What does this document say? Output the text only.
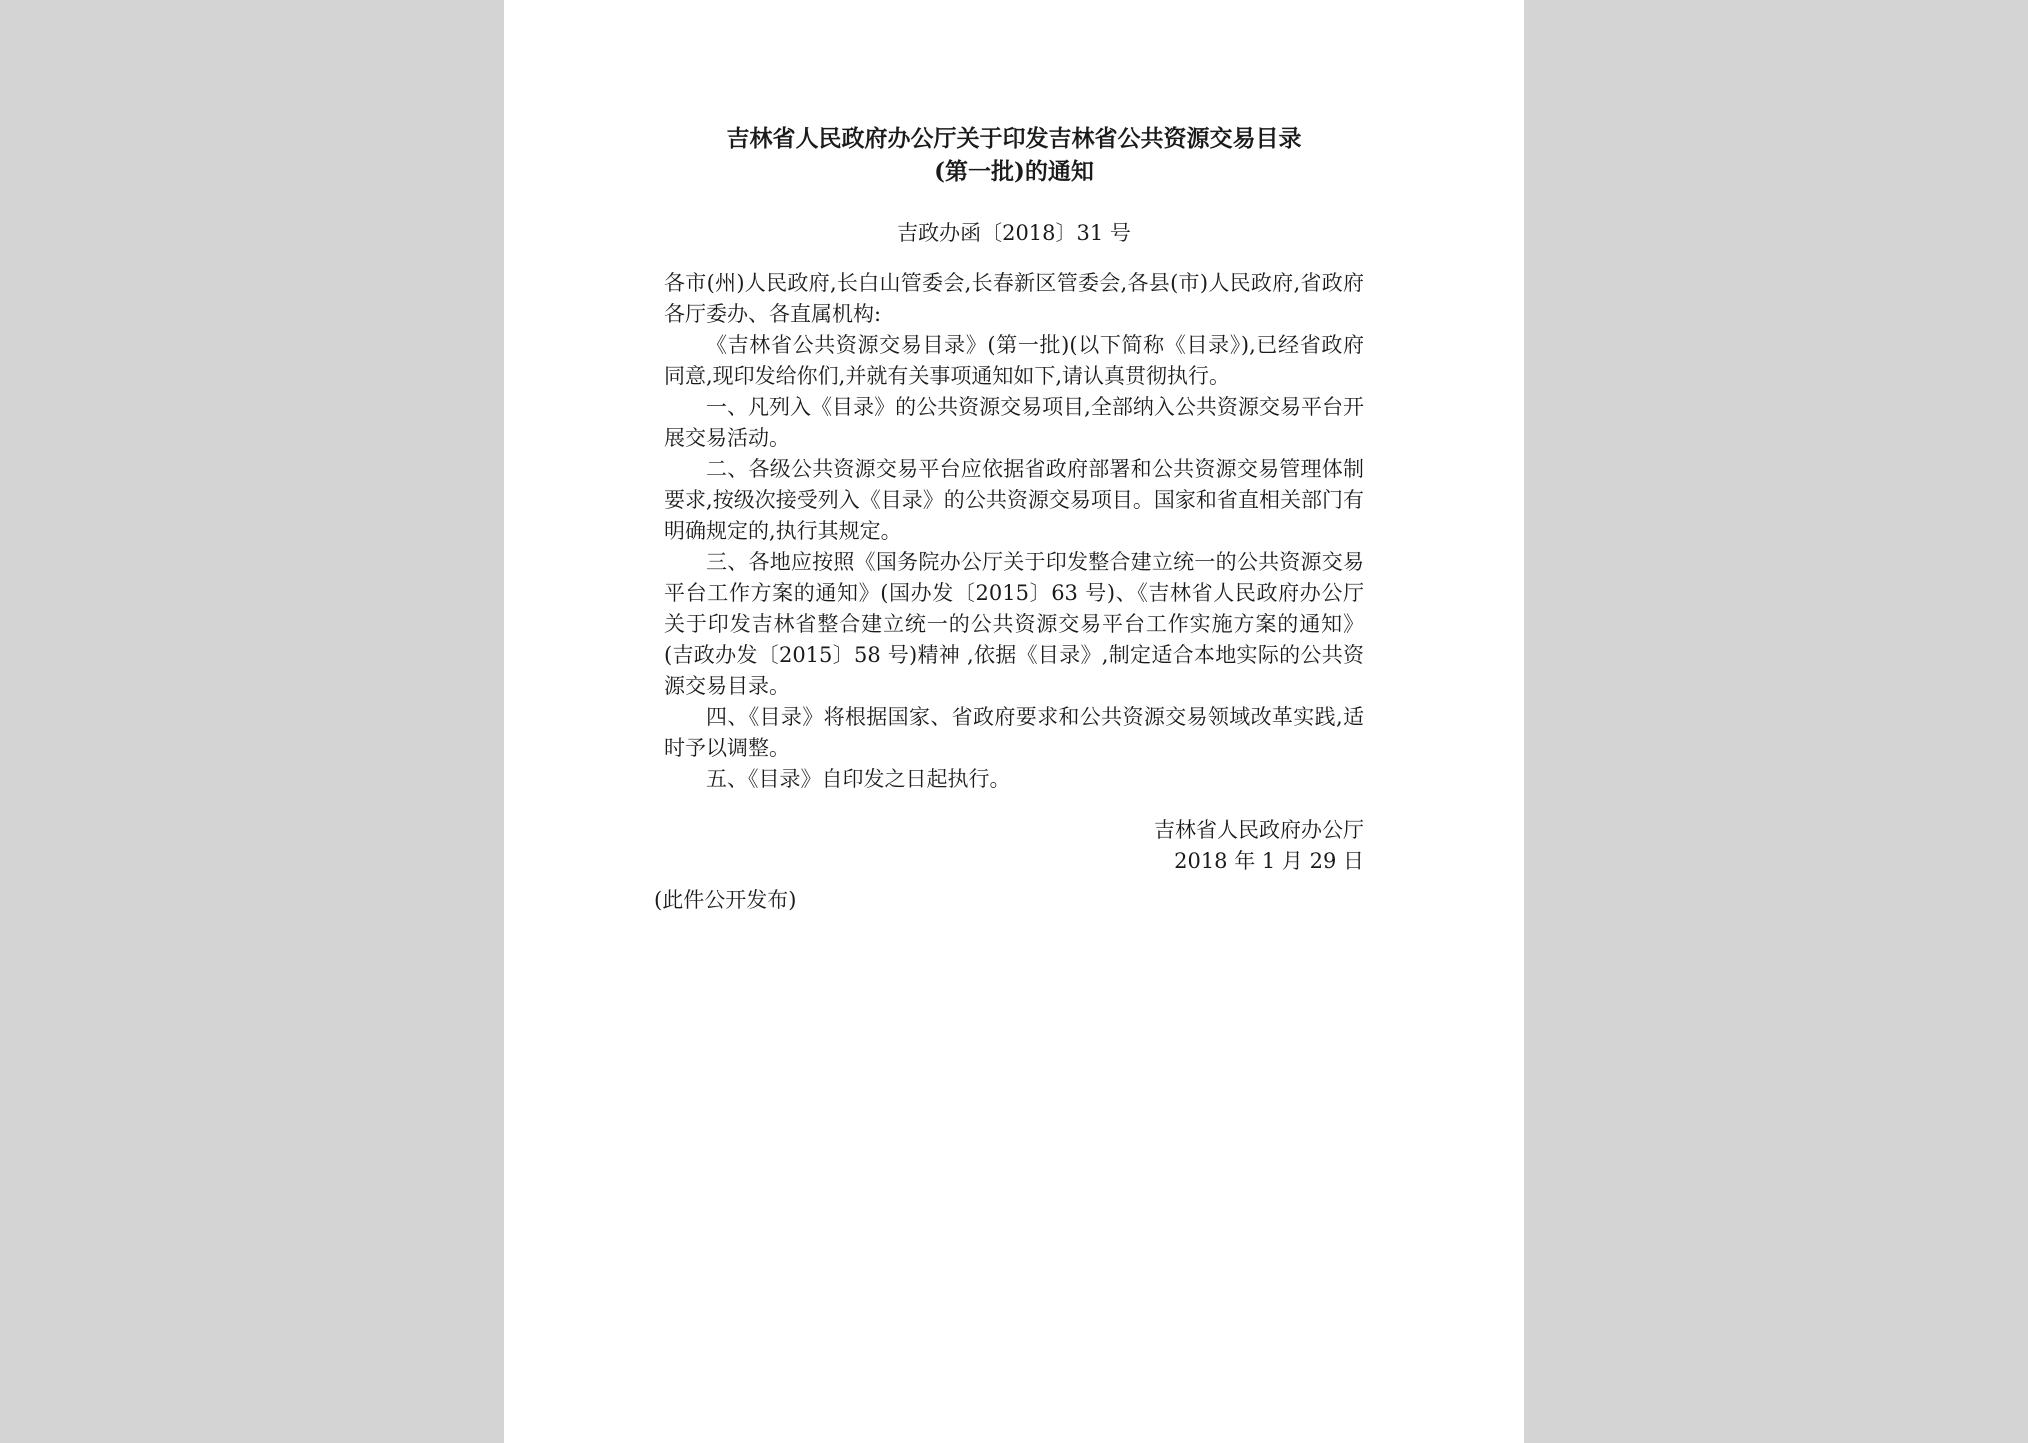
吉林省人民政府办公厅关于印发吉林省公共资源交易目录
(第一批)的通知
吉政办函〔2018〕31 号

各市(州)人民政府,长白山管委会,长春新区管委会,各县(市)人民政府,省政府各厅委办、各直属机构:

《吉林省公共资源交易目录》(第一批)(以下简称《目录》),已经省政府同意,现印发给你们,并就有关事项通知如下,请认真贯彻执行。

一、凡列入《目录》的公共资源交易项目,全部纳入公共资源交易平台开展交易活动。

二、各级公共资源交易平台应依据省政府部署和公共资源交易管理体制要求,按级次接受列入《目录》的公共资源交易项目。国家和省直相关部门有明确规定的,执行其规定。

三、各地应按照《国务院办公厅关于印发整合建立统一的公共资源交易平台工作方案的通知》(国办发〔2015〕63 号)、《吉林省人民政府办公厅关于印发吉林省整合建立统一的公共资源交易平台工作实施方案的通知》(吉政办发〔2015〕58 号)精神 ,依据《目录》,制定适合本地实际的公共资源交易目录。

四、《目录》将根据国家、省政府要求和公共资源交易领域改革实践,适时予以调整。

五、《目录》自印发之日起执行。

吉林省人民政府办公厅
2018 年 1 月 29 日
(此件公开发布)
